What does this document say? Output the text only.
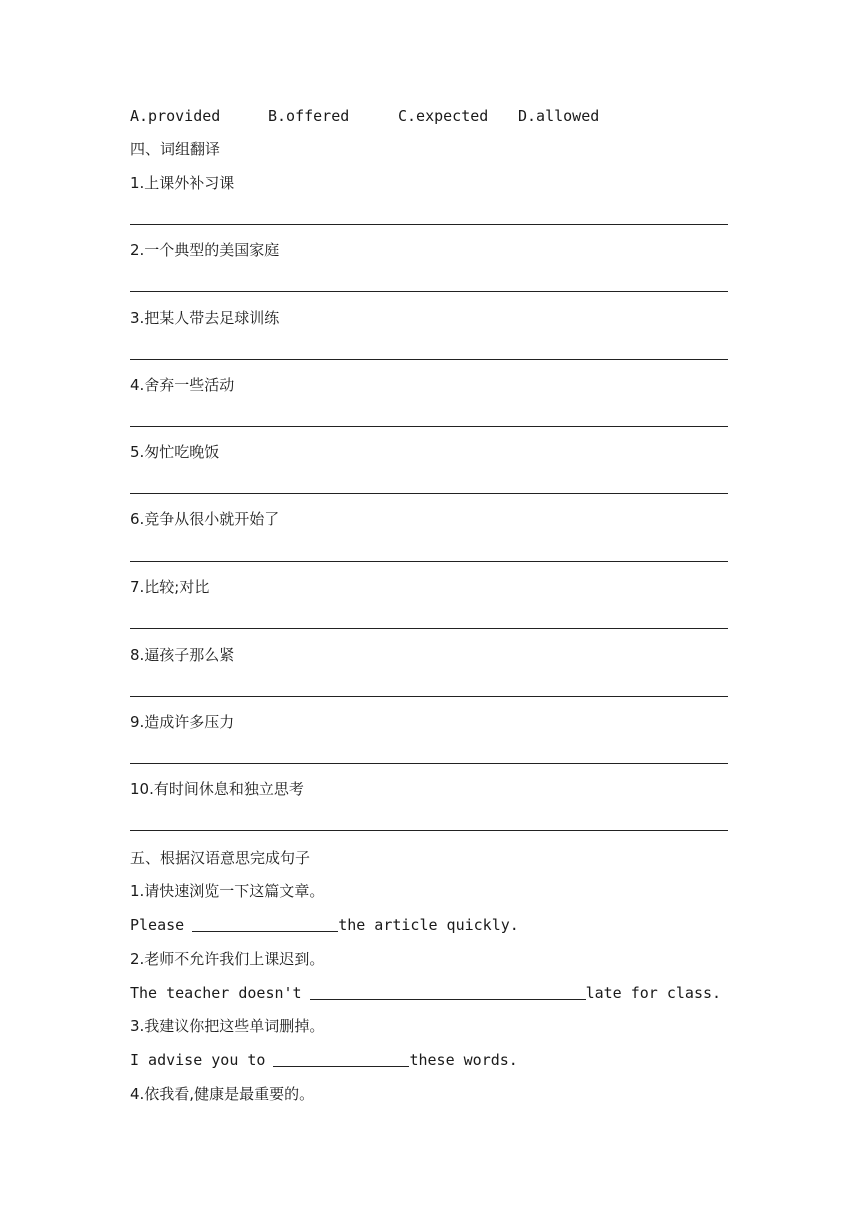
A.provided	B.offered	C.expected D.allowed
四、词组翻译
1.上课外补习课
2.一个典型的美国家庭
3.把某人带去足球训练
4.舍弃一些活动
5.匆忙吃晚饭
6.竞争从很小就开始了
7.比较;对比
8.逼孩子那么紧
9.造成许多压力
10.有时间休息和独立思考
五、根据汉语意思完成句子
1.请快速浏览一下这篇文章。
Please	the article quickly.
2.老师不允许我们上课迟到。
The teacher doesn't	late for class.
3.我建议你把这些单词删掉。
I advise you to	these words.
4.依我看,健康是最重要的。
